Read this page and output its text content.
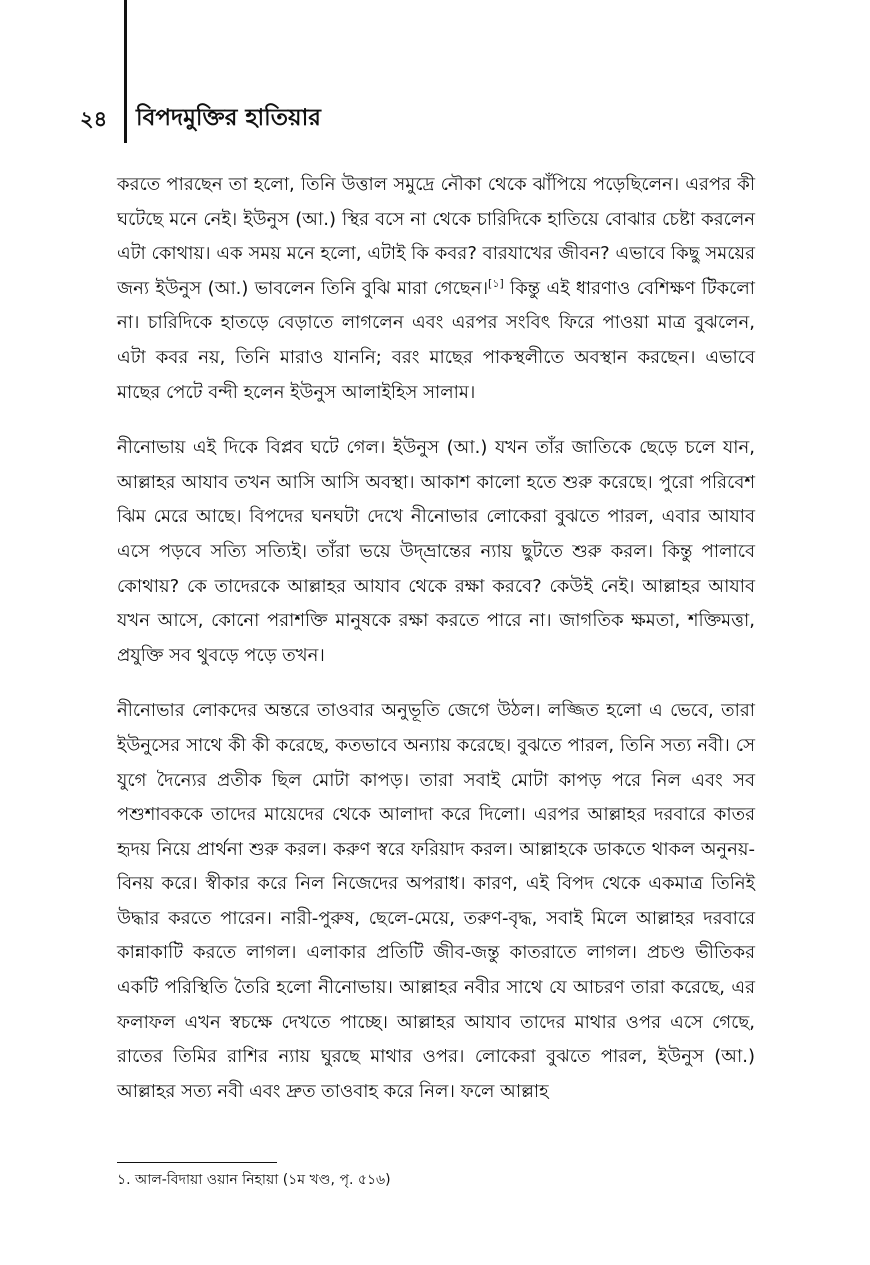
২৪ বিপদমুক্তির হাতিয়ার

করতে পারছেন তা হলো, তিনি উত্তাল সমুদ্রে নৌকা থেকে ঝাঁপিয়ে পড়েছিলেন। এরপর কী ঘটেছে মনে নেই। ইউনুস (আ.) স্থির বসে না থেকে চারিদিকে হাতিয়ে বোঝার চেষ্টা করলেন এটা কোথায়। এক সময় মনে হলো, এটাই কি কবর? বারযাখের জীবন? এভাবে কিছু সময়ের জন্য ইউনুস (আ.) ভাবলেন তিনি বুঝি মারা গেছেন।[১] কিন্তু এই ধারণাও বেশিক্ষণ টিকলো না। চারিদিকে হাতড়ে বেড়াতে লাগলেন এবং এরপর সংবিৎ ফিরে পাওয়া মাত্র বুঝলেন, এটা কবর নয়, তিনি মারাও যাননি; বরং মাছের পাকস্থলীতে অবস্থান করছেন। এভাবে মাছের পেটে বন্দী হলেন ইউনুস আলাইহিস সালাম।

নীনোভায় এই দিকে বিপ্লব ঘটে গেল। ইউনুস (আ.) যখন তাঁর জাতিকে ছেড়ে চলে যান, আল্লাহর আযাব তখন আসি আসি অবস্থা। আকাশ কালো হতে শুরু করেছে। পুরো পরিবেশ ঝিম মেরে আছে। বিপদের ঘনঘটা দেখে নীনোভার লোকেরা বুঝতে পারল, এবার আযাব এসে পড়বে সত্যি সত্যিই। তাঁরা ভয়ে উদ্‌ভ্রান্তের ন্যায় ছুটতে শুরু করল। কিন্তু পালাবে কোথায়? কে তাদেরকে আল্লাহর আযাব থেকে রক্ষা করবে? কেউই নেই। আল্লাহর আযাব যখন আসে, কোনো পরাশক্তি মানুষকে রক্ষা করতে পারে না। জাগতিক ক্ষমতা, শক্তিমত্তা, প্রযুক্তি সব থুবড়ে পড়ে তখন।

নীনোভার লোকদের অন্তরে তাওবার অনুভূতি জেগে উঠল। লজ্জিত হলো এ ভেবে, তারা ইউনুসের সাথে কী কী করেছে, কতভাবে অন্যায় করেছে। বুঝতে পারল, তিনি সত্য নবী। সে যুগে দৈন্যের প্রতীক ছিল মোটা কাপড়। তারা সবাই মোটা কাপড় পরে নিল এবং সব পশুশাবককে তাদের মায়েদের থেকে আলাদা করে দিলো। এরপর আল্লাহর দরবারে কাতর হৃদয় নিয়ে প্রার্থনা শুরু করল। করুণ স্বরে ফরিয়াদ করল। আল্লাহকে ডাকতে থাকল অনুনয়-বিনয় করে। স্বীকার করে নিল নিজেদের অপরাধ। কারণ, এই বিপদ থেকে একমাত্র তিনিই উদ্ধার করতে পারেন। নারী-পুরুষ, ছেলে-মেয়ে, তরুণ-বৃদ্ধ, সবাই মিলে আল্লাহর দরবারে কান্নাকাটি করতে লাগল। এলাকার প্রতিটি জীব-জন্তু কাতরাতে লাগল। প্রচণ্ড ভীতিকর একটি পরিস্থিতি তৈরি হলো নীনোভায়। আল্লাহর নবীর সাথে যে আচরণ তারা করেছে, এর ফলাফল এখন স্বচক্ষে দেখতে পাচ্ছে। আল্লাহর আযাব তাদের মাথার ওপর এসে গেছে, রাতের তিমির রাশির ন্যায় ঘুরছে মাথার ওপর। লোকেরা বুঝতে পারল, ইউনুস (আ.) আল্লাহর সত্য নবী এবং দ্রুত তাওবাহ করে নিল। ফলে আল্লাহ

১. আল-বিদায়া ওয়ান নিহায়া (১ম খণ্ড, পৃ. ৫১৬)
